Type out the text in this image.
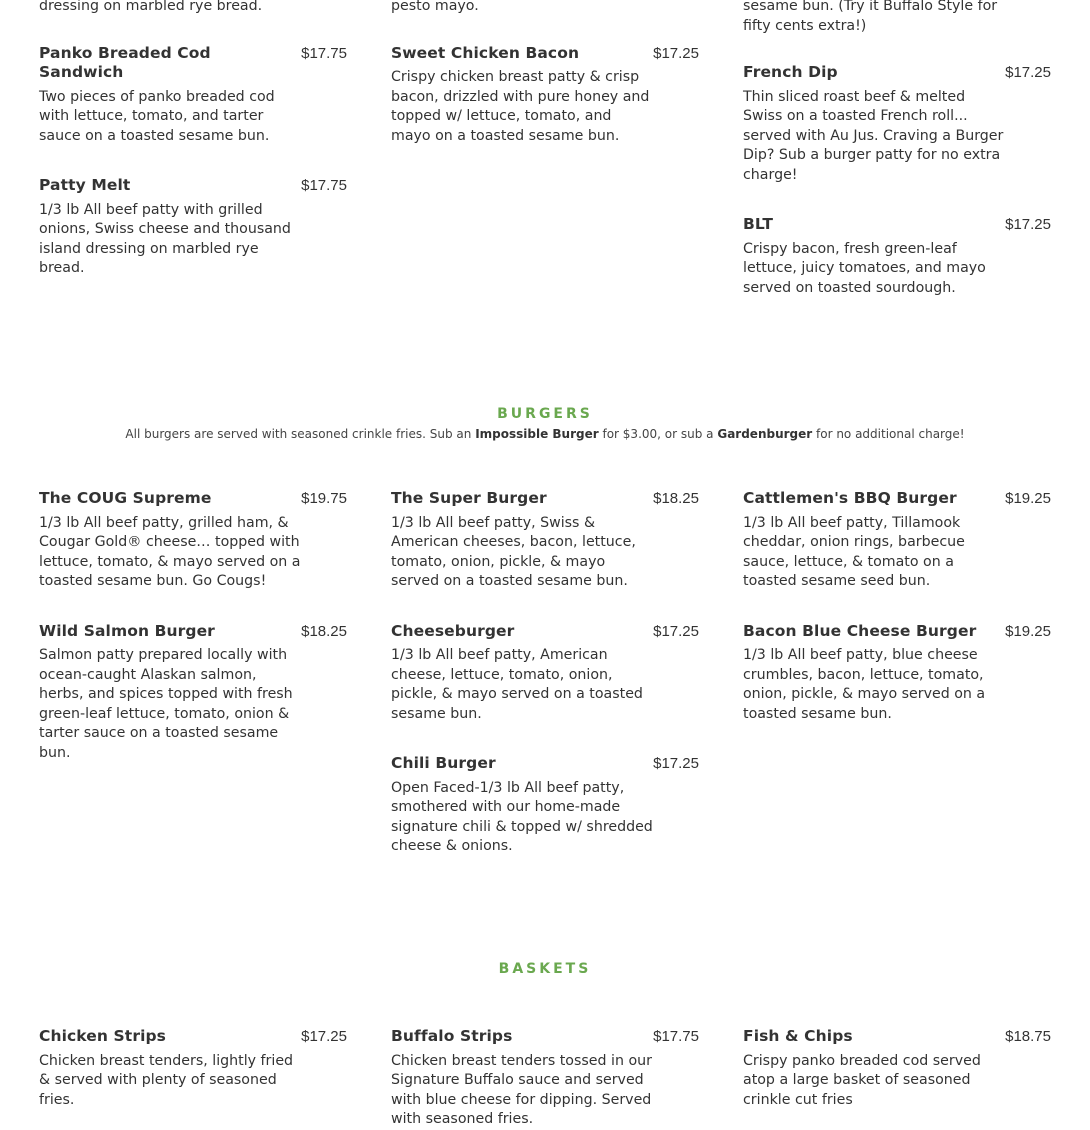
dressing on marbled rye bread.
Panko Breaded Cod Sandwich
$17.75
Two pieces of panko breaded cod with lettuce, tomato, and tarter sauce on a toasted sesame bun.
Patty Melt	$17.75
1/3 lb All beef patty with grilled onions, Swiss cheese and thousand island dressing on marbled rye bread.
pesto mayo.
Sweet Chicken Bacon	$17.25
Crispy chicken breast patty & crisp bacon, drizzled with pure honey and topped w/ lettuce, tomato, and mayo on a toasted sesame bun.
sesame bun. (Try it Buffalo Style for fifty cents extra!)
French Dip	$17.25
Thin sliced roast beef & melted Swiss on a toasted French roll... served with Au Jus. Craving a Burger Dip? Sub a burger patty for no extra charge!
BLT	$17.25
Crispy bacon, fresh green-leaf lettuce, juicy tomatoes, and mayo served on toasted sourdough.
BURGERS
All burgers are served with seasoned crinkle fries. Sub an Impossible Burger for $3.00, or sub a Gardenburger for no additional charge!
The COUG Supreme	$19.75
1/3 lb All beef patty, grilled ham, & Cougar Gold® cheese… topped with lettuce, tomato, & mayo served on a toasted sesame bun. Go Cougs!
Wild Salmon Burger	$18.25
Salmon patty prepared locally with ocean-caught Alaskan salmon, herbs, and spices topped with fresh green-leaf lettuce, tomato, onion & tarter sauce on a toasted sesame bun.
The Super Burger	$18.25
1/3 lb All beef patty, Swiss & American cheeses, bacon, lettuce, tomato, onion, pickle, & mayo served on a toasted sesame bun.
Cheeseburger	$17.25
1/3 lb All beef patty, American cheese, lettuce, tomato, onion, pickle, & mayo served on a toasted sesame bun.
Chili Burger	$17.25
Open Faced-1/3 lb All beef patty, smothered with our home-made signature chili & topped w/ shredded cheese & onions.
Cattlemen's BBQ Burger	$19.25
1/3 lb All beef patty, Tillamook cheddar, onion rings, barbecue sauce, lettuce, & tomato on a toasted sesame seed bun.
Bacon Blue Cheese Burger	$19.25
1/3 lb All beef patty, blue cheese crumbles, bacon, lettuce, tomato, onion, pickle, & mayo served on a toasted sesame bun.
BASKETS
Chicken Strips	$17.25
Chicken breast tenders, lightly fried & served with plenty of seasoned fries.
Buffalo Strips	$17.75
Chicken breast tenders tossed in our Signature Buffalo sauce and served with blue cheese for dipping. Served with seasoned fries.
Fish & Chips	$18.75
Crispy panko breaded cod served atop a large basket of seasoned crinkle cut fries
